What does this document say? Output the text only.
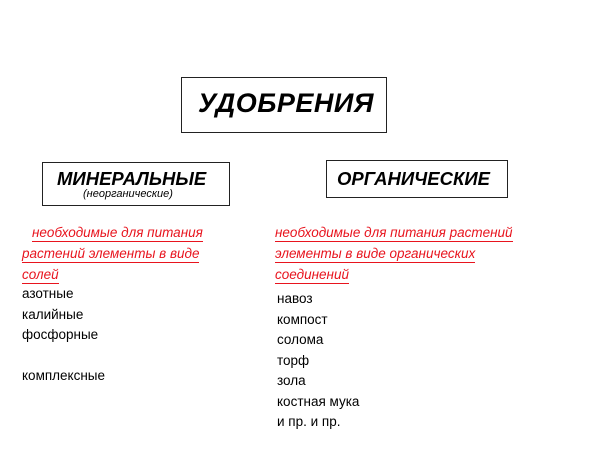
УДОБРЕНИЯ
МИНЕРАЛЬНЫЕ
(неорганические)
ОРГАНИЧЕСКИЕ
необходимые для питания
растений элементы в виде
солей
необходимые для питания растений
элементы в виде органических
соединений
азотные
калийные
фосфорные
комплексные
навоз
компост
солома
торф
зола
костная мука
и пр. и пр.
